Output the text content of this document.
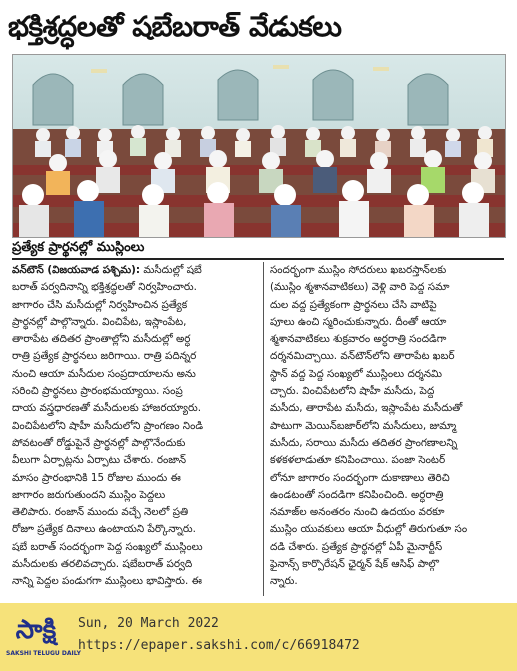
భక్తిశ్రద్ధలతో షబేబరాత్ వేడుకలు
ప్రత్యేక ప్రార్థనల్లో ముస్లింలు
వన్‌టౌన్ (విజయవాడ పశ్చిమ): మసీదుల్లో షబే
బరాత్ పర్వదినాన్ని భక్తిశ్రద్ధలతో నిర్వహించారు.
జాగారం చేసి మసీదుల్లో నిర్వహించిన ప్రత్యేక
ప్రార్థనల్లో పాల్గొన్నారు. వించిపేట, ఇస్లాంపేట,
తారాపేట తదితర ప్రాంతాల్లోని మసీదుల్లో అర్ధ
రాత్రి ప్రత్యేక ప్రార్థనలు జరిగాయి. రాత్రి పదిన్నర
నుంచి ఆయా మసీదుల సంప్రదాయాలను అను
సరించి ప్రార్థనలు ప్రారంభమయ్యాయి. సంప్ర
దాయ వస్త్రధారణతో మసీదులకు హాజరయ్యారు.
వించిపేటలోని షాహీ మసీదులోని ప్రాంగణం నిండి
పోవటంతో రోడ్డుపైనే ప్రార్థనల్లో పాల్గొనేందుకు
వీలుగా ఏర్పాట్లను ఏర్పాటు చేశారు. రంజాన్
మాసం ప్రారంభానికి 15 రోజుల ముందు ఈ
జాగారం జరుగుతుందని ముస్లిం పెద్దలు
తెలిపారు. రంజాన్ ముందు వచ్చే నెలలో ప్రతి
రోజూ ప్రత్యేక దినాలు ఉంటాయని పేర్కొన్నారు.
షబే బరాత్ సందర్భంగా పెద్ద సంఖ్యలో ముస్లింలు
మసీదులకు తరలివచ్చారు. షబేబరాత్ పర్వది
నాన్ని పెద్దల పండుగగా ముస్లింలు భావిస్తారు. ఈ
సందర్భంగా ముస్లిం సోదరులు ఖబరస్తాన్‌లకు
(ముస్లిం శ్మశానవాటికలు) వెళ్లి వారి పెద్ద సమా
దుల వద్ద ప్రత్యేకంగా ప్రార్థనలు చేసి వాటిపై
పూలు ఉంచి స్మరించుకున్నారు. దీంతో ఆయా
శ్మశానవాటికలు శుక్రవారం అర్ధరాత్రి సందడిగా
దర్శనమిచ్చాయి. వన్‌టౌన్‌లోని తారాపేట ఖబర్
స్థాన్ వద్ద పెద్ద సంఖ్యలో ముస్లింలు దర్శనమి
చ్చారు. వించిపేటలోని షాహీ మసీదు, పెద్ద
మసీదు, తారాపేట మసీదు, ఇస్లాంపేట మసీదుతో
పాటుగా మెయిన్‌బజార్‌లోని మసీదులు, జుమ్మా
మసీదు, సరాయి మసీదు తదితర ప్రాంగణాలన్ని
కళకళలాడుతూ కనిపించాయి. పంజా సెంటర్
లోనూ జాగారం సందర్భంగా దుకాణాలు తెరిచి
ఉండటంతో సందడిగా కనిపించింది. అర్ధరాత్రి
నమాజ్‌ల అనంతరం నుంచి ఉదయం వరకూ
ముస్లిం యువకులు ఆయా వీధుల్లో తిరుగుతూ సం
దడి చేశారు. ప్రత్యేక ప్రార్థనల్లో ఏపీ మైనార్టీస్
ఫైనాన్స్ కార్పొరేషన్ ఛైర్మన్ షేక్ ఆసిఫ్ పాల్గొ
న్నారు.
సాక్షి
SAKSHI TELUGU DAILY
Sun, 20 March 2022
https://epaper.sakshi.com/c/66918472
